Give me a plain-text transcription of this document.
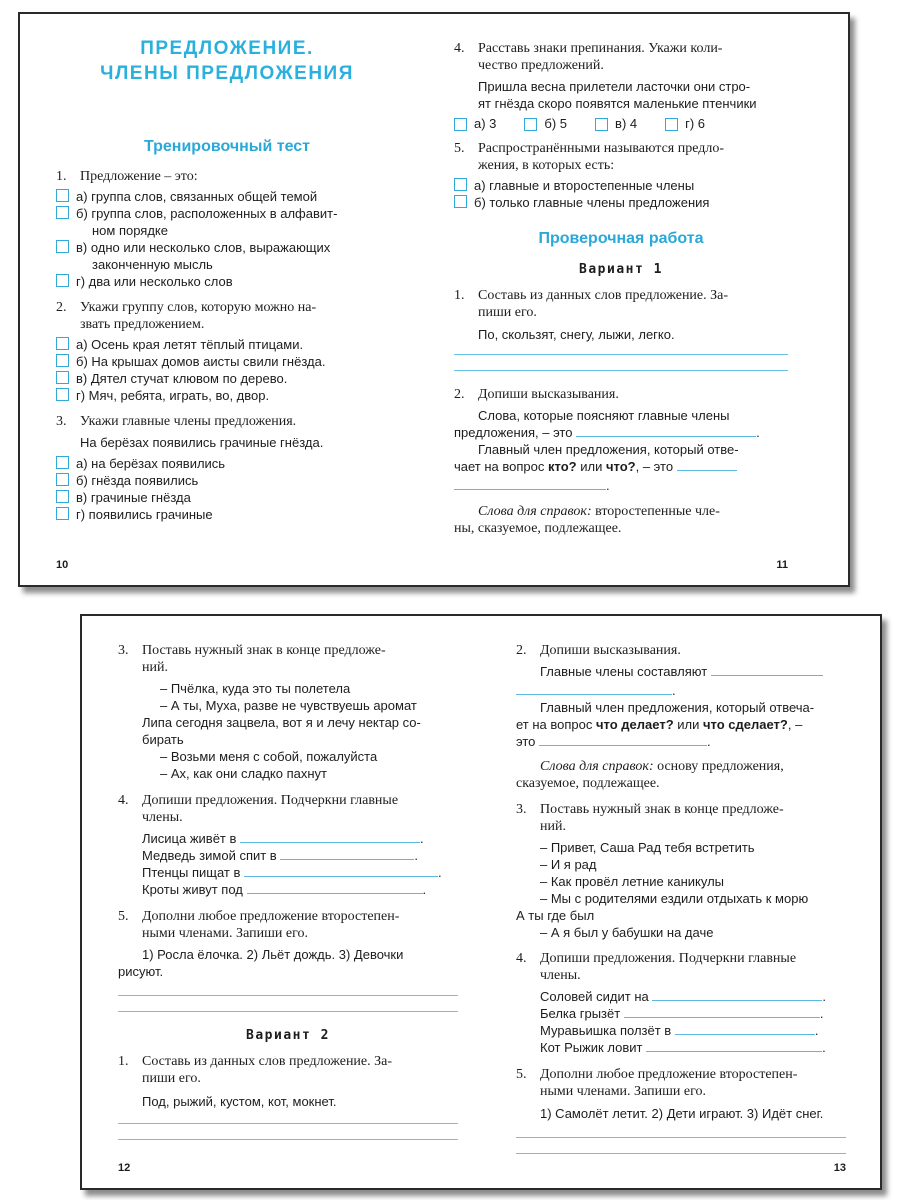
ПРЕДЛОЖЕНИЕ.
ЧЛЕНЫ ПРЕДЛОЖЕНИЯ
Тренировочный тест
1. Предложение – это:
а) группа слов, связанных общей темой
б) группа слов, расположенных в алфавит-
ном порядке
в) одно или несколько слов, выражающих
законченную мысль
г) два или несколько слов
2. Укажи группу слов, которую можно на-
звать предложением.
а) Осень края летят тёплый птицами.
б) На крышах домов аисты свили гнёзда.
в) Дятел стучат клювом по дерево.
г) Мяч, ребята, играть, во, двор.
3. Укажи главные члены предложения.
На берёзах появились грачиные гнёзда.
а) на берёзах появились
б) гнёзда появились
в) грачиные гнёзда
г) появились грачиные
10
4. Расставь знаки препинания. Укажи коли-
чество предложений.
Пришла весна прилетели ласточки они стро-
ят гнёзда скоро появятся маленькие птенчики
а) 3	б) 5	в) 4	г) 6
5. Распространёнными называются предло-
жения, в которых есть:
а) главные и второстепенные члены
б) только главные члены предложения
Проверочная работа
Вариант 1
1. Составь из данных слов предложение. За-
пиши его.
По, скользят, снегу, лыжи, легко.
2. Допиши высказывания.
Слова, которые поясняют главные члены
предложения, – это	.
Главный член предложения, который отве-
чает на вопрос кто? или что?, – это
.
Слова для справок: второстепенные чле-
ны, сказуемое, подлежащее.
11
3. Поставь нужный знак в конце предложе-
ний.
– Пчёлка, куда это ты полетела
– А ты, Муха, разве не чувствуешь аромат
Липа сегодня зацвела, вот я и лечу нектар со-
бирать
– Возьми меня с собой, пожалуйста
– Ах, как они сладко пахнут
4. Допиши предложения. Подчеркни главные
члены.
Лисица живёт в	.
Медведь зимой спит в	.
Птенцы пищат в	.
Кроты живут под	.
5. Дополни любое предложение второстепен-
ными членами. Запиши его.
1) Росла ёлочка. 2) Льёт дождь. 3) Девочки
рисуют.
Вариант 2
1. Составь из данных слов предложение. За-
пиши его.
Под, рыжий, кустом, кот, мокнет.
12
2. Допиши высказывания.
Главные члены составляют
.
Главный член предложения, который отвеча-
ет на вопрос что делает? или что сделает?, –
это	.
Слова для справок: основу предложения,
сказуемое, подлежащее.
3. Поставь нужный знак в конце предложе-
ний.
– Привет, Саша Рад тебя встретить
– И я рад
– Как провёл летние каникулы
– Мы с родителями ездили отдыхать к морю
А ты где был
– А я был у бабушки на даче
4. Допиши предложения. Подчеркни главные
члены.
Соловей сидит на	.
Белка грызёт	.
Муравьишка ползёт в	.
Кот Рыжик ловит	.
5. Дополни любое предложение второстепен-
ными членами. Запиши его.
1) Самолёт летит. 2) Дети играют. 3) Идёт снег.
13
